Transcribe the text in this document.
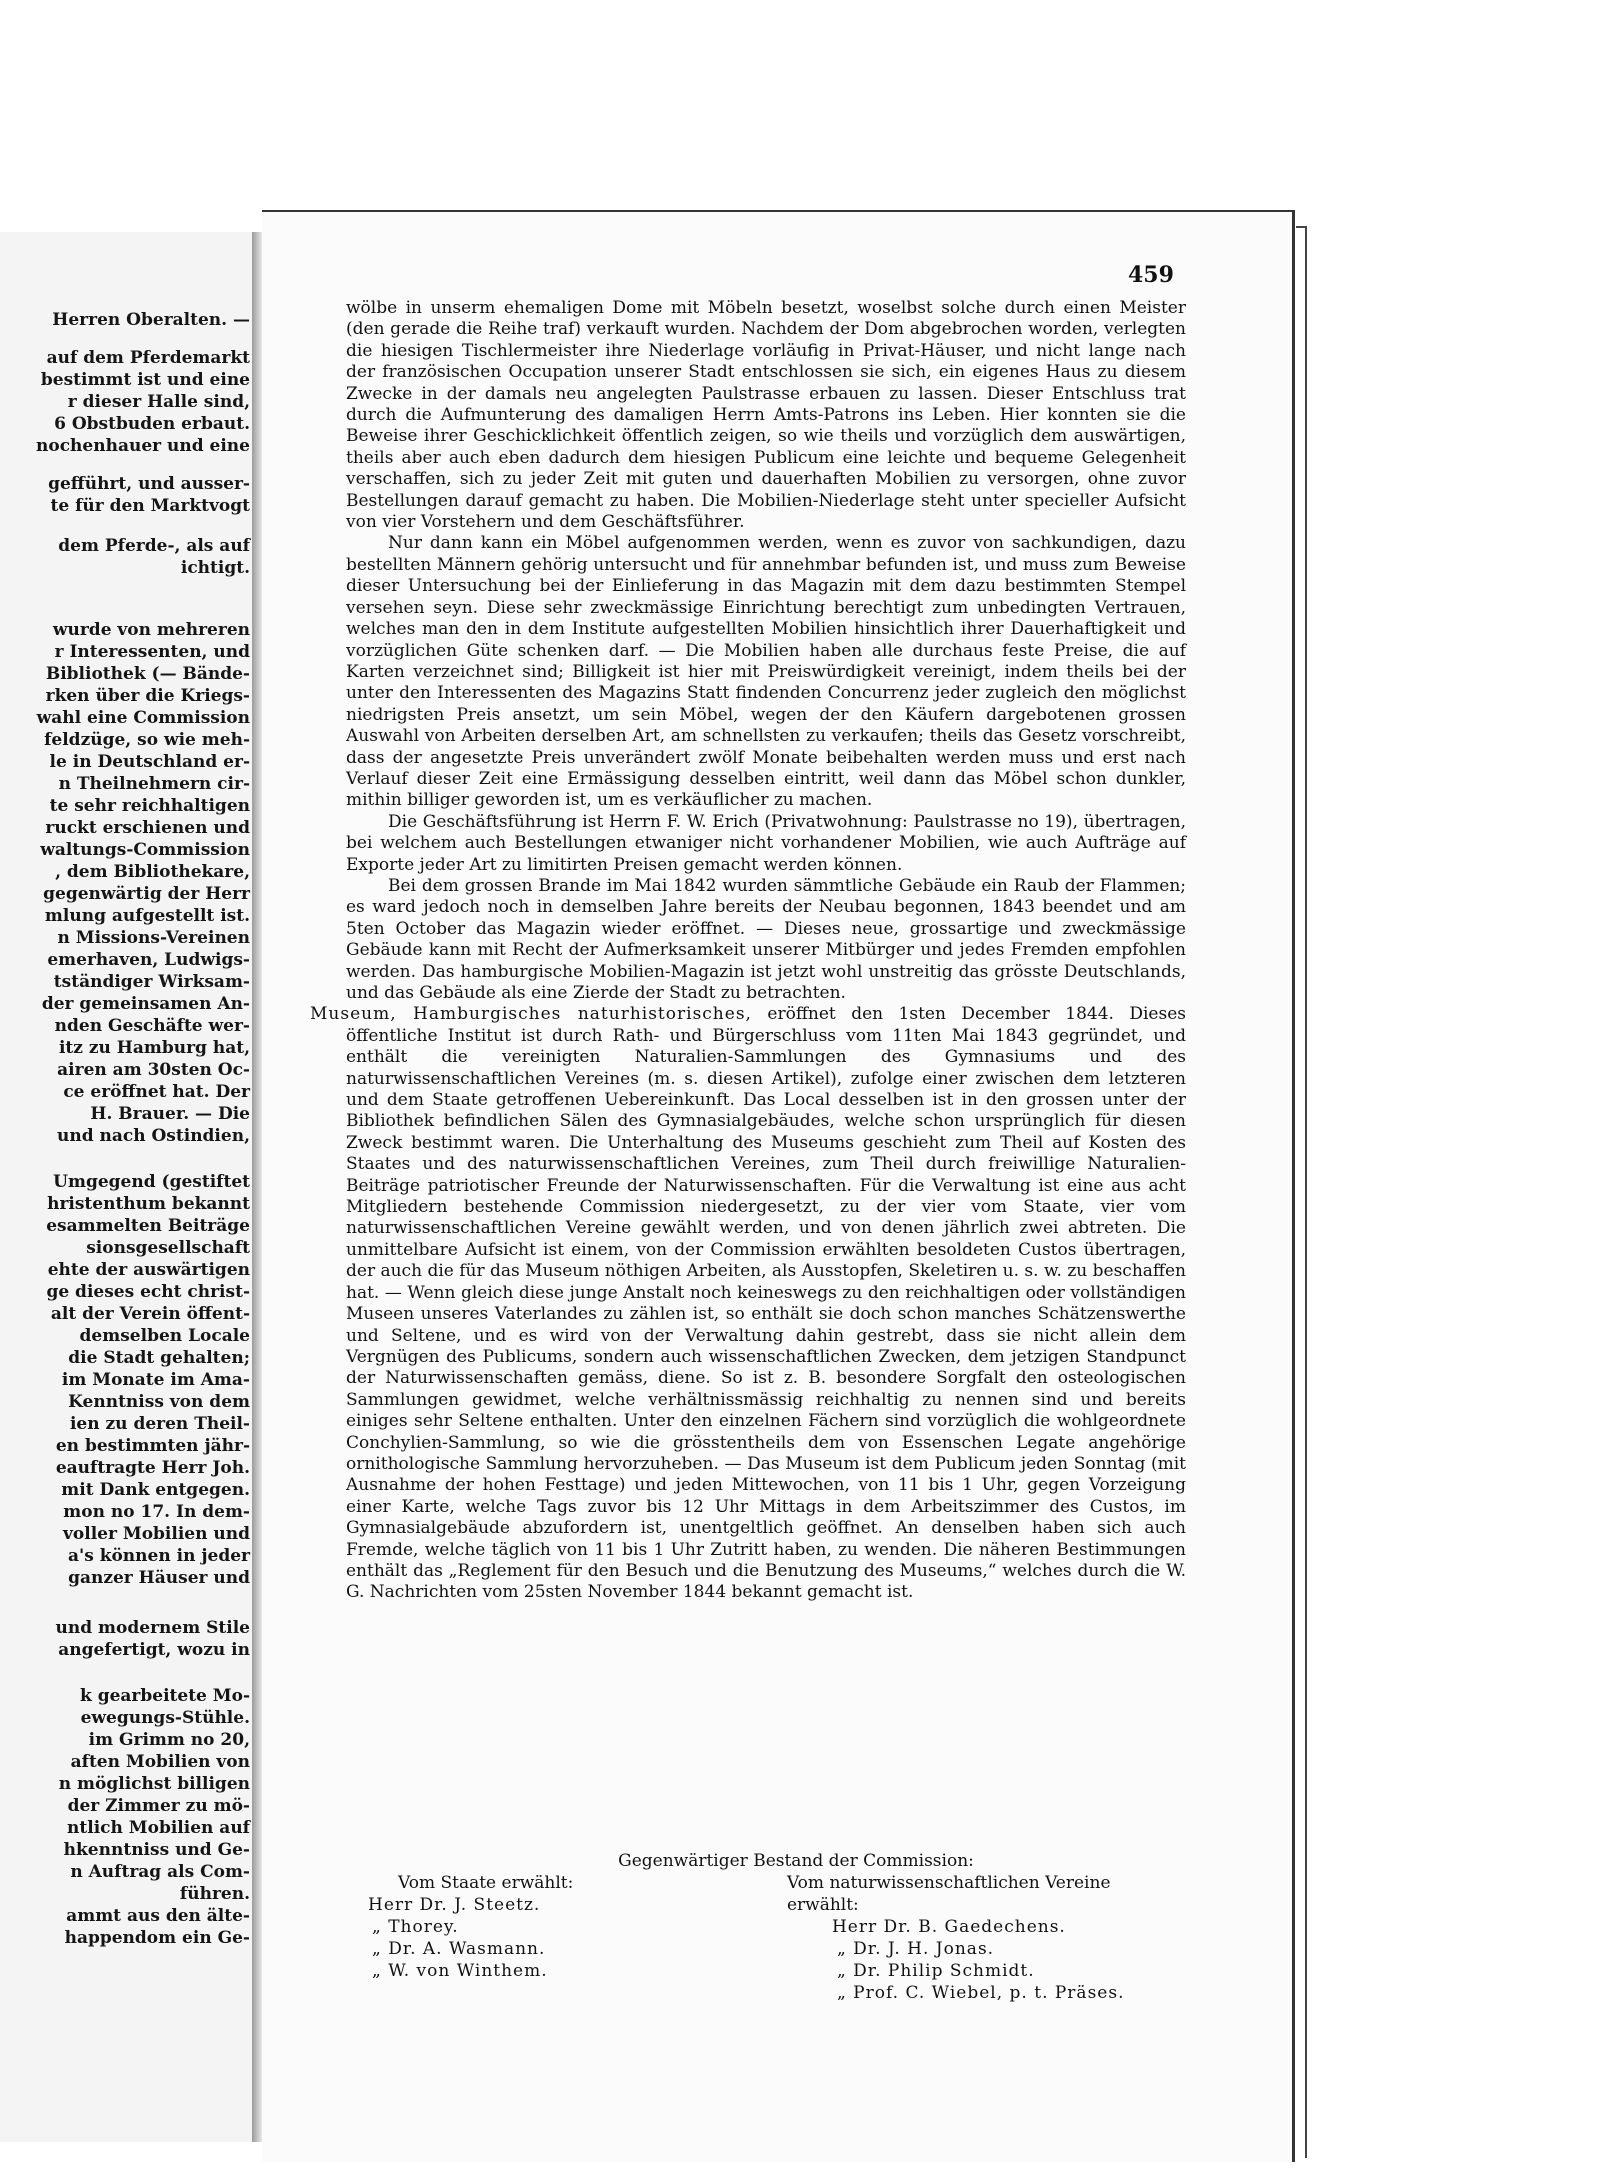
Herren Oberalten. —
auf dem Pferdemarkt
bestimmt ist und eine
r dieser Halle sind,
6 Obstbuden erbaut.
nochenhauer und eine
gefführt, und ausser-
te für den Marktvogt
dem Pferde-, als auf
ichtigt.
wurde von mehreren
r Interessenten, und
Bibliothek (— Bände-
rken über die Kriegs-
wahl eine Commission
feldzüge, so wie meh-
le in Deutschland er-
n Theilnehmern cir-
te sehr reichhaltigen
ruckt erschienen und
waltungs-Commission
, dem Bibliothekare,
gegenwärtig der Herr
mlung aufgestellt ist.
n Missions-Vereinen
emerhaven, Ludwigs-
tständiger Wirksam-
der gemeinsamen An-
nden Geschäfte wer-
itz zu Hamburg hat,
airen am 30sten Oc-
ce eröffnet hat. Der
H. Brauer. — Die
und nach Ostindien,
Umgegend (gestiftet
hristenthum bekannt
esammelten Beiträge
sionsgesellschaft
ehte der auswärtigen
ge dieses echt christ-
alt der Verein öffent-
demselben Locale
die Stadt gehalten;
im Monate im Ama-
Kenntniss von dem
ien zu deren Theil-
en bestimmten jähr-
eauftragte Herr Joh.
mit Dank entgegen.
mon no 17. In dem-
voller Mobilien und
a's können in jeder
ganzer Häuser und
und modernem Stile
angefertigt, wozu in
k gearbeitete Mo-
ewegungs-Stühle.
im Grimm no 20,
aften Mobilien von
n möglichst billigen
der Zimmer zu mö-
ntlich Mobilien auf
hkenntniss und Ge-
n Auftrag als Com-
führen.
ammt aus den älte-
happendom ein Ge-
459

wölbe in unserm ehemaligen Dome mit Möbeln besetzt, woselbst solche durch einen Meister (den gerade die Reihe traf) verkauft wurden. Nachdem der Dom abgebrochen worden, verlegten die hiesigen Tischlermeister ihre Niederlage vorläufig in Privat-Häuser, und nicht lange nach der französischen Occupation unserer Stadt entschlossen sie sich, ein eigenes Haus zu diesem Zwecke in der damals neu angelegten Paulstrasse erbauen zu lassen. Dieser Entschluss trat durch die Aufmunterung des damaligen Herrn Amts-Patrons ins Leben. Hier konnten sie die Beweise ihrer Geschicklichkeit öffentlich zeigen, so wie theils und vorzüglich dem auswärtigen, theils aber auch eben dadurch dem hiesigen Publicum eine leichte und bequeme Gelegenheit verschaffen, sich zu jeder Zeit mit guten und dauerhaften Mobilien zu versorgen, ohne zuvor Bestellungen darauf gemacht zu haben. Die Mobilien-Niederlage steht unter specieller Aufsicht von vier Vorstehern und dem Geschäftsführer.

Nur dann kann ein Möbel aufgenommen werden, wenn es zuvor von sachkundigen, dazu bestellten Männern gehörig untersucht und für annehmbar befunden ist, und muss zum Beweise dieser Untersuchung bei der Einlieferung in das Magazin mit dem dazu bestimmten Stempel versehen seyn. Diese sehr zweckmässige Einrichtung berechtigt zum unbedingten Vertrauen, welches man den in dem Institute aufgestellten Mobilien hinsichtlich ihrer Dauerhaftigkeit und vorzüglichen Güte schenken darf. — Die Mobilien haben alle durchaus feste Preise, die auf Karten verzeichnet sind; Billigkeit ist hier mit Preiswürdigkeit vereinigt, indem theils bei der unter den Interessenten des Magazins Statt findenden Concurrenz jeder zugleich den möglichst niedrigsten Preis ansetzt, um sein Möbel, wegen der den Käufern dargebotenen grossen Auswahl von Arbeiten derselben Art, am schnellsten zu verkaufen; theils das Gesetz vorschreibt, dass der angesetzte Preis unverändert zwölf Monate beibehalten werden muss und erst nach Verlauf dieser Zeit eine Ermässigung desselben eintritt, weil dann das Möbel schon dunkler, mithin billiger geworden ist, um es verkäuflicher zu machen.

Die Geschäftsführung ist Herrn F. W. Erich (Privatwohnung: Paulstrasse no 19), übertragen, bei welchem auch Bestellungen etwaniger nicht vorhandener Mobilien, wie auch Aufträge auf Exporte jeder Art zu limitirten Preisen gemacht werden können.

Bei dem grossen Brande im Mai 1842 wurden sämmtliche Gebäude ein Raub der Flammen; es ward jedoch noch in demselben Jahre bereits der Neubau begonnen, 1843 beendet und am 5ten October das Magazin wieder eröffnet. — Dieses neue, grossartige und zweckmässige Gebäude kann mit Recht der Aufmerksamkeit unserer Mitbürger und jedes Fremden empfohlen werden. Das hamburgische Mobilien-Magazin ist jetzt wohl unstreitig das grösste Deutschlands, und das Gebäude als eine Zierde der Stadt zu betrachten.

Museum, Hamburgisches naturhistorisches, eröffnet den 1sten December 1844. Dieses öffentliche Institut ist durch Rath- und Bürgerschluss vom 11ten Mai 1843 gegründet, und enthält die vereinigten Naturalien-Sammlungen des Gymnasiums und des naturwissenschaftlichen Vereines (m. s. diesen Artikel), zufolge einer zwischen dem letzteren und dem Staate getroffenen Uebereinkunft. Das Local desselben ist in den grossen unter der Bibliothek befindlichen Sälen des Gymnasialgebäudes, welche schon ursprünglich für diesen Zweck bestimmt waren. Die Unterhaltung des Museums geschieht zum Theil auf Kosten des Staates und des naturwissenschaftlichen Vereines, zum Theil durch freiwillige Naturalien-Beiträge patriotischer Freunde der Naturwissenschaften. Für die Verwaltung ist eine aus acht Mitgliedern bestehende Commission niedergesetzt, zu der vier vom Staate, vier vom naturwissenschaftlichen Vereine gewählt werden, und von denen jährlich zwei abtreten. Die unmittelbare Aufsicht ist einem, von der Commission erwählten besoldeten Custos übertragen, der auch die für das Museum nöthigen Arbeiten, als Ausstopfen, Skeletiren u. s. w. zu beschaffen hat. — Wenn gleich diese junge Anstalt noch keineswegs zu den reichhaltigen oder vollständigen Museen unseres Vaterlandes zu zählen ist, so enthält sie doch schon manches Schätzenswerthe und Seltene, und es wird von der Verwaltung dahin gestrebt, dass sie nicht allein dem Vergnügen des Publicums, sondern auch wissenschaftlichen Zwecken, dem jetzigen Standpunct der Naturwissenschaften gemäss, diene. So ist z. B. besondere Sorgfalt den osteologischen Sammlungen gewidmet, welche verhältnissmässig reichhaltig zu nennen sind und bereits einiges sehr Seltene enthalten. Unter den einzelnen Fächern sind vorzüglich die wohlgeordnete Conchylien-Sammlung, so wie die grösstentheils dem von Essenschen Legate angehörige ornithologische Sammlung hervorzuheben. — Das Museum ist dem Publicum jeden Sonntag (mit Ausnahme der hohen Festtage) und jeden Mittewochen, von 11 bis 1 Uhr, gegen Vorzeigung einer Karte, welche Tags zuvor bis 12 Uhr Mittags in dem Arbeitszimmer des Custos, im Gymnasialgebäude abzufordern ist, unentgeltlich geöffnet. An denselben haben sich auch Fremde, welche täglich von 11 bis 1 Uhr Zutritt haben, zu wenden. Die näheren Bestimmungen enthält das „Reglement für den Besuch und die Benutzung des Museums,“ welches durch die W. G. Nachrichten vom 25sten November 1844 bekannt gemacht ist.

Gegenwärtiger Bestand der Commission:
Vom Staate erwählt:
Herr Dr. J. Steetz.
„ Thorey.
„ Dr. A. Wasmann.
„ W. von Winthem.
Vom naturwissenschaftlichen Vereine erwählt:
Herr Dr. B. Gaedechens.
„ Dr. J. H. Jonas.
„ Dr. Philip Schmidt.
„ Prof. C. Wiebel, p. t. Präses.
